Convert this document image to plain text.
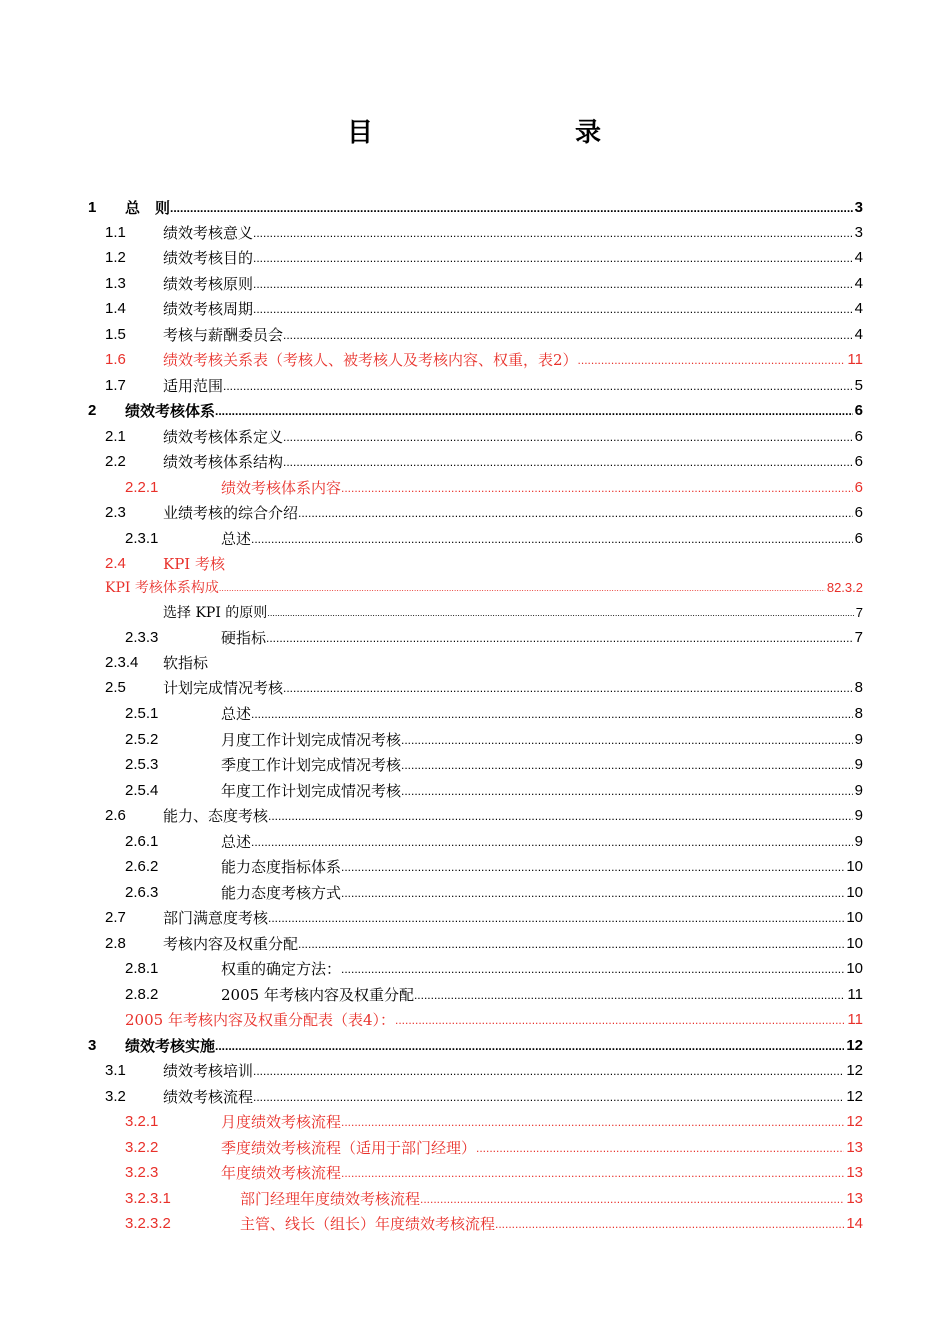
目	录
1 总　则	3
.....
1.1 绩效考核意义	3
.....
1.2 绩效考核目的	4
.....
1.3 绩效考核原则	4
.....
1.4 绩效考核周期	4
.....
1.5 考核与薪酬委员会	4
.....
1.6 绩效考核关系表（考核人、被考核人及考核内容、权重，表2）	11
.....
1.7 适用范围	5
.....
2 绩效考核体系	6
.....
2.1 绩效考核体系定义	6
.....
2.2 绩效考核体系结构	6
.....
2.2.1	绩效考核体系内容	6
.....
2.3 业绩考核的综合介绍	6
.....
2.3.1	总述	6
.....
2.4 KPI 考核
KPI 考核体系构成	82.3.2
.....
选择 KPI 的原则	7
.....
2.3.3	硬指标	7
.....
2.3.4 软指标
2.5 计划完成情况考核	8
.....
2.5.1	总述	8
.....
2.5.2	月度工作计划完成情况考核	9
.....
2.5.3	季度工作计划完成情况考核	9
.....
2.5.4	年度工作计划完成情况考核	9
.....
2.6 能力、态度考核	9
.....
2.6.1	总述	9
.....
2.6.2	能力态度指标体系	10
.....
2.6.3	能力态度考核方式	10
.....
2.7 部门满意度考核	10
.....
2.8 考核内容及权重分配	10
.....
2.8.1	权重的确定方法：	10
.....
2.8.2	2005 年考核内容及权重分配	11
.....
2005 年考核内容及权重分配表（表4）：	11
.....
3 绩效考核实施	12
.....
3.1 绩效考核培训	12
.....
3.2 绩效考核流程	12
.....
3.2.1	月度绩效考核流程	12
.....
3.2.2	季度绩效考核流程（适用于部门经理）	13
.....
3.2.3	年度绩效考核流程	13
.....
3.2.3.1	部门经理年度绩效考核流程	13
.....
3.2.3.2	主管、线长（组长）年度绩效考核流程	14
.....
